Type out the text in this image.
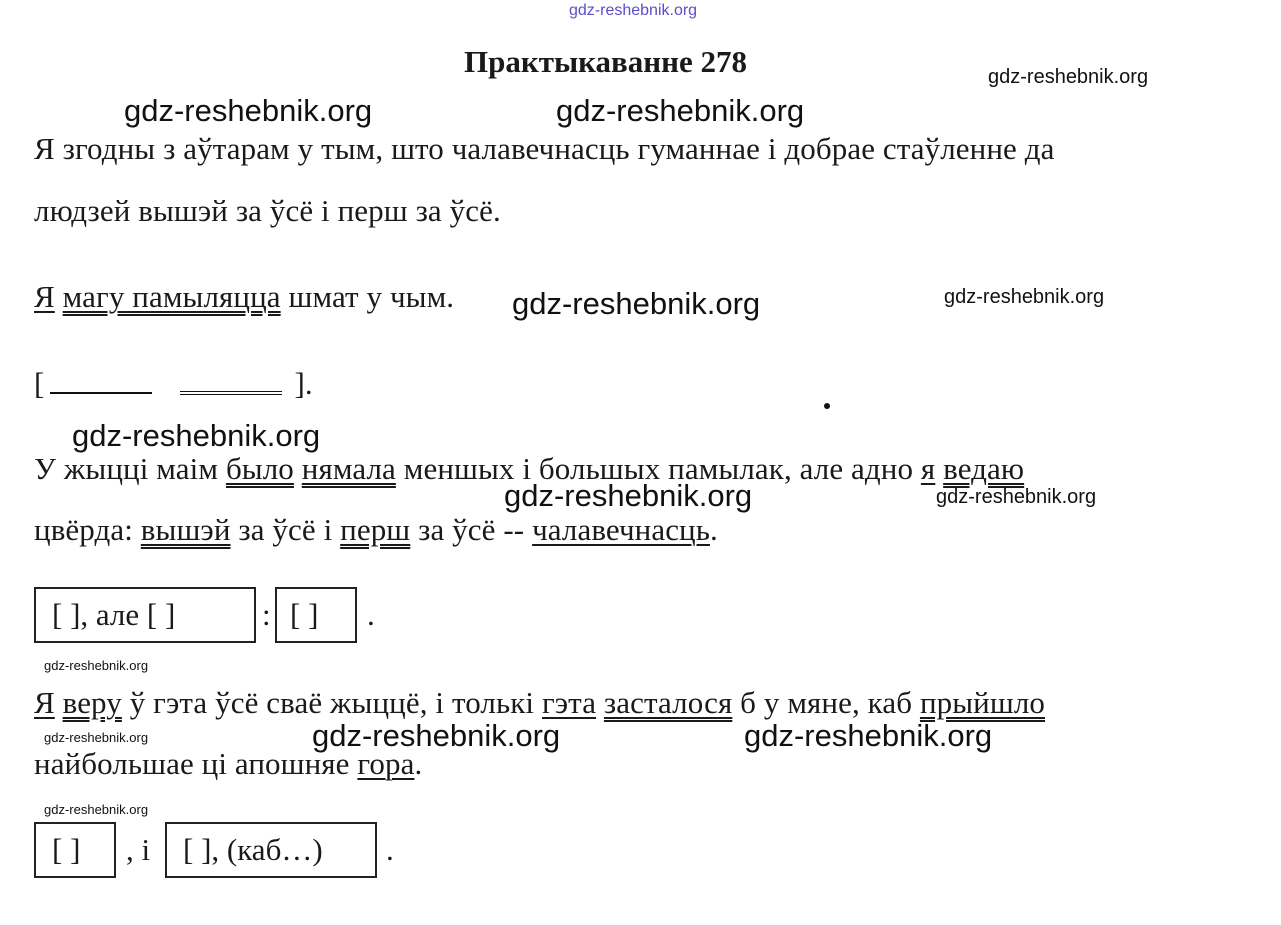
gdz-reshebnik.org
Практыкаванне 278	gdz-reshebnik.org
gdz-reshebnik.org	gdz-reshebnik.org
Я згодны з аўтарам у тым, што чалавечнасць гуманнае і добрае стаўленне да
людзей вышэй за ўсё і перш за ўсё.
Я магу памыляцца шмат у чым. gdz-reshebnik.org	gdz-reshebnik.org
[	].
gdz-reshebnik.org
У жыцці маім было нямала меншых і большых памылак, але адно я ведаю
gdz-reshebnik.org	gdz-reshebnik.org
цвёрда: вышэй за ўсё і перш за ўсё -- чалавечнасць.
[ ], але [ ]	: [ ] .
gdz-reshebnik.org
Я веру ў гэта ўсё сваё жыццё, і толькі гэта засталося б у мяне, каб прыйшло
gdz-reshebnik.org	gdz-reshebnik.org	gdz-reshebnik.org
найбольшае ці апошняе гора.
gdz-reshebnik.org
[ ] , і [ ], (каб…) .
